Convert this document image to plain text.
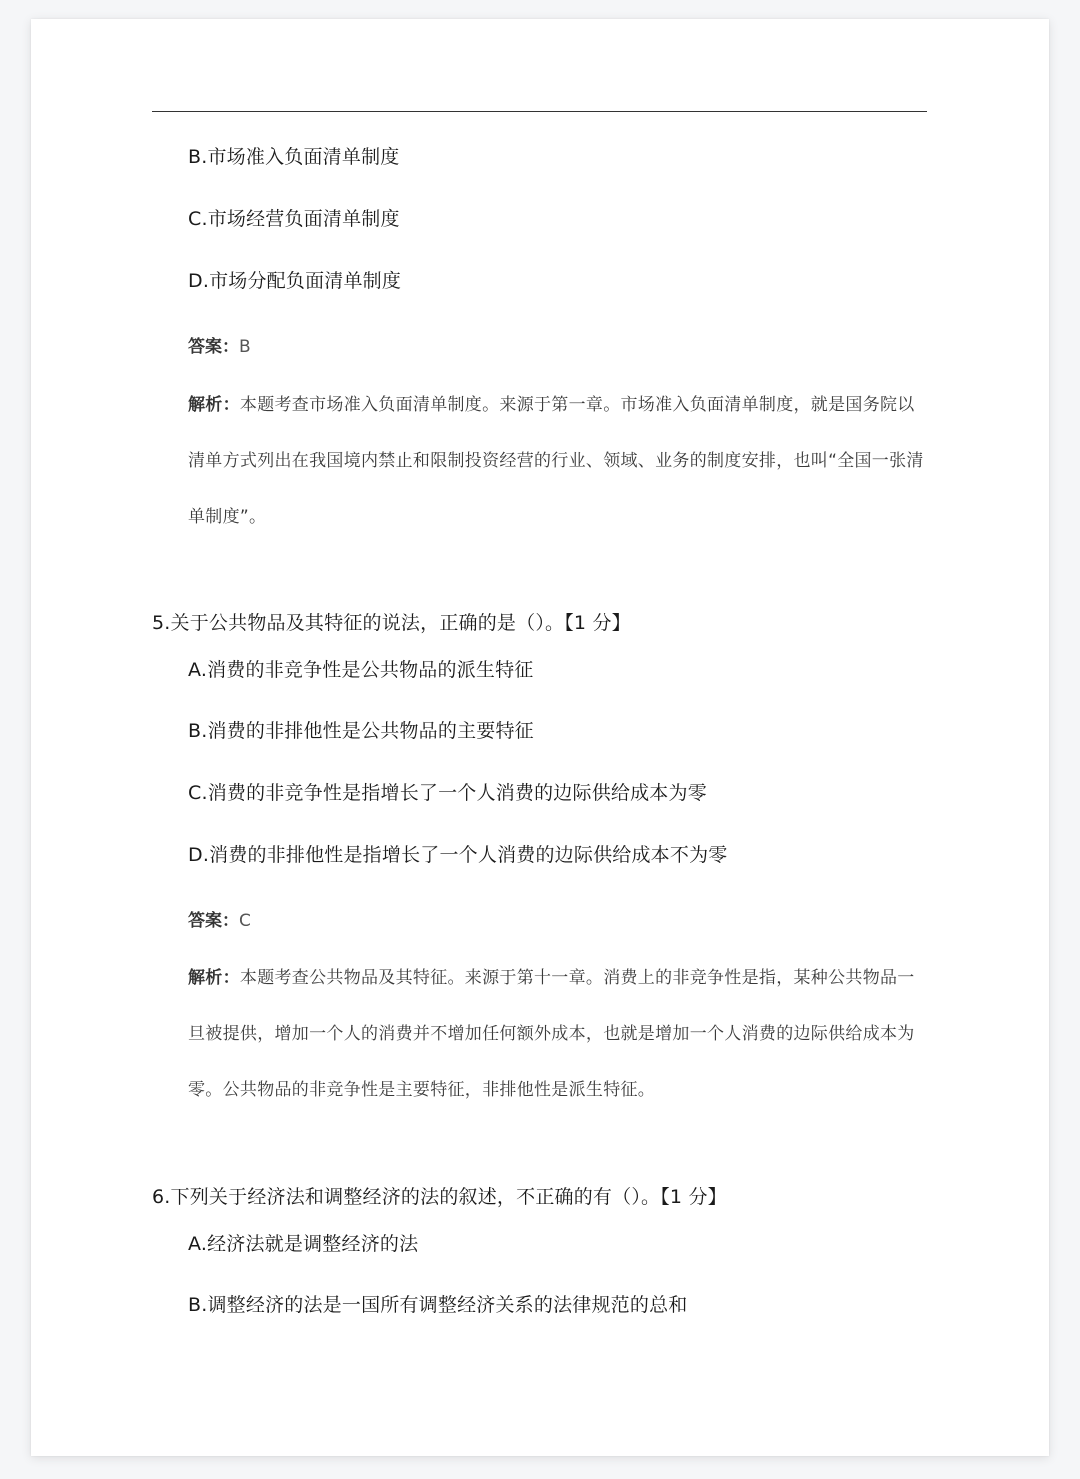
B.市场准入负面清单制度
C.市场经营负面清单制度
D.市场分配负面清单制度
答案：B
解析：本题考查市场准入负面清单制度。来源于第一章。市场准入负面清单制度，就是国务院以清单方式列出在我国境内禁止和限制投资经营的行业、领域、业务的制度安排，也叫“全国一张清单制度”。
5.关于公共物品及其特征的说法，正确的是（）。【1 分】
A.消费的非竞争性是公共物品的派生特征
B.消费的非排他性是公共物品的主要特征
C.消费的非竞争性是指增长了一个人消费的边际供给成本为零
D.消费的非排他性是指增长了一个人消费的边际供给成本不为零
答案：C
解析：本题考查公共物品及其特征。来源于第十一章。消费上的非竞争性是指，某种公共物品一旦被提供，增加一个人的消费并不增加任何额外成本，也就是增加一个人消费的边际供给成本为零。公共物品的非竞争性是主要特征，非排他性是派生特征。
6.下列关于经济法和调整经济的法的叙述，不正确的有（）。【1 分】
A.经济法就是调整经济的法
B.调整经济的法是一国所有调整经济关系的法律规范的总和
